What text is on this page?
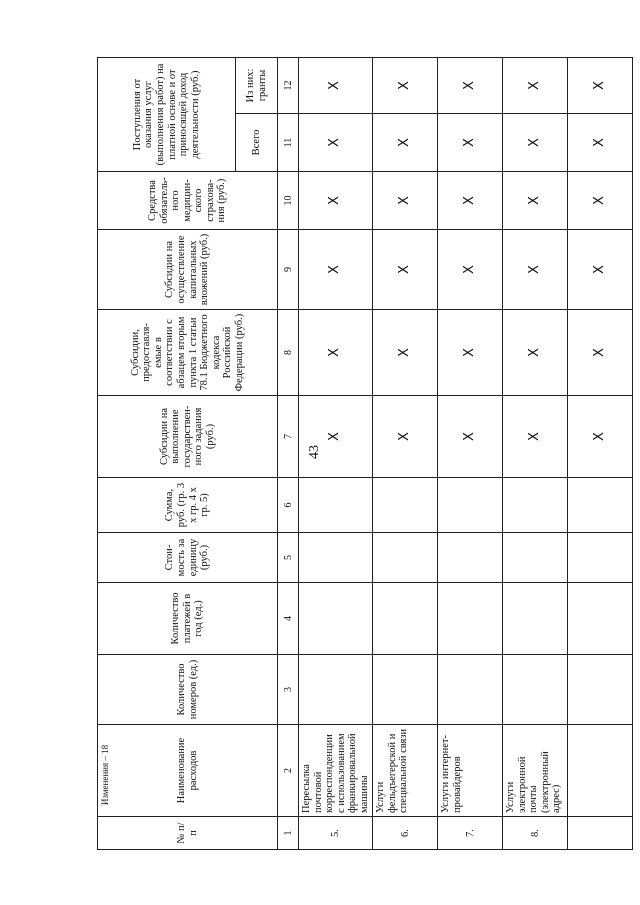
43
№ п/п	Наименование расходов	Количество номеров (ед.)	Количество платежей в год (ед.)	Стои-мость за единицу (руб.)	Сумма, руб. (гр. 3 x гр. 4 x гр. 5)	Субсидии на выполнение государствен-ного задания (руб.)	Субсидии, предоставля-емые в соответствии с абзацем вторым пункта 1 статьи 78.1 Бюджетного кодекса Российской Федерации (руб.)	Субсидии на осуществление капитальных вложений (руб.)	Средства обязатель-ного медицин-ского страхова-ния (руб.)	Поступления от оказания услуг (выполнения работ) на платной основе и от приносящей доход деятельности (руб.)	
										Всего	Из них: гранты
1	2	3	4	5	6	7	8	9	10	11	12
5.	Пересылка почтовой корреспонденции с использованием франкировальной машины					X	X	X	X	X	X
6.	Услуги фельдъегерской и специальной связи					X	X	X	X	X	X
7.	Услуги интернет-провайдеров					X	X	X	X	X	X
8.	Услуги электронной почты (электронный адрес)					X	X	X	X	X	X
						X	X	X	X	X	X
Изменения – 18
